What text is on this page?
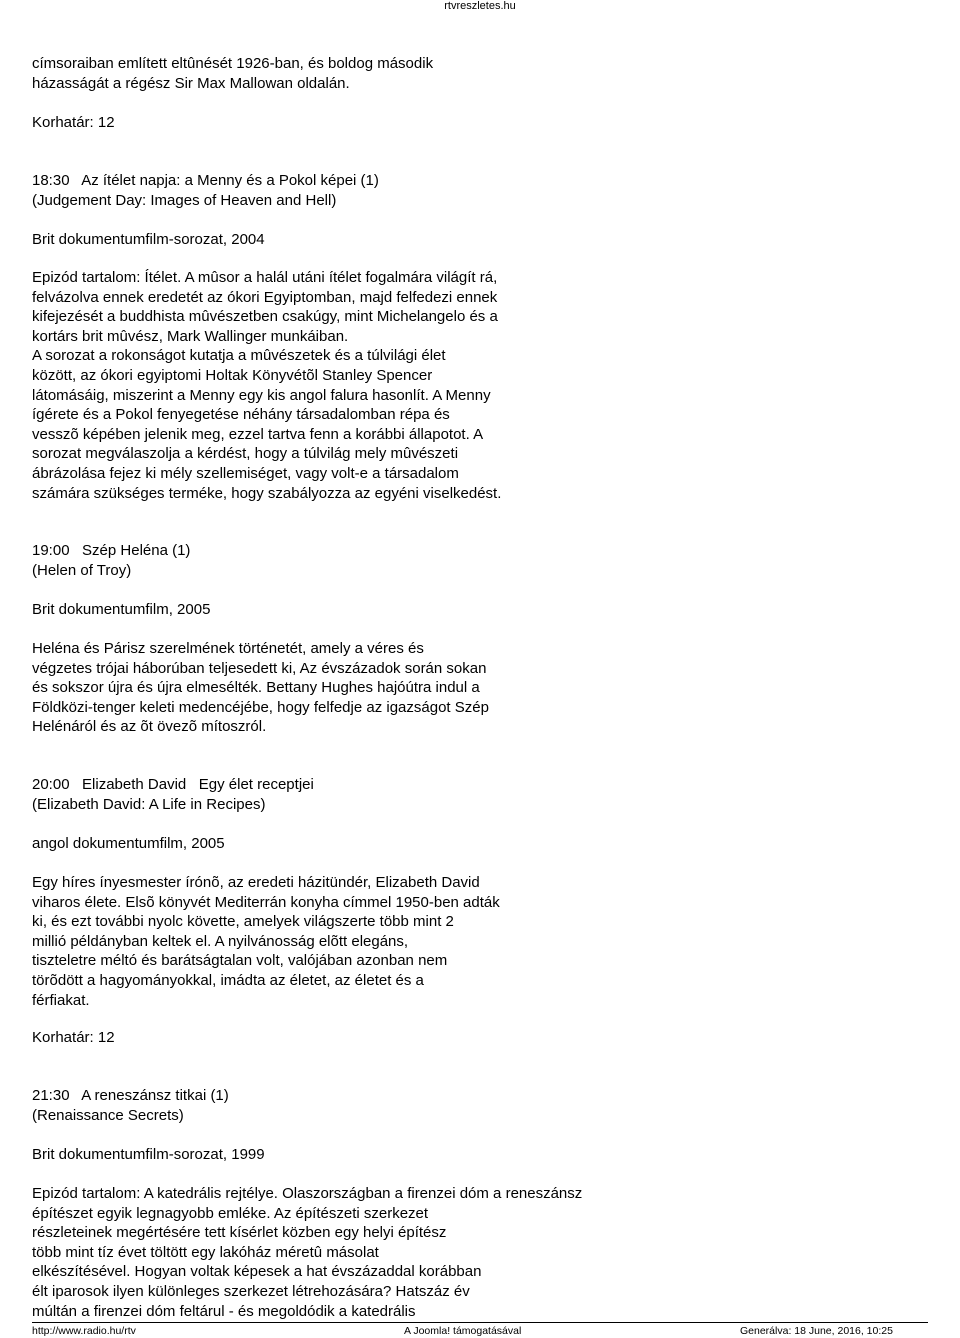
rtvreszletes.hu
címsoraiban említett eltûnését 1926-ban, és boldog második
házasságát a régész Sir Max Mallowan oldalán.
Korhatár: 12
18:30   Az ítélet napja: a Menny és a Pokol képei (1)
(Judgement Day: Images of Heaven and Hell)
Brit dokumentumfilm-sorozat, 2004
Epizód tartalom: Ítélet. A mûsor a halál utáni ítélet fogalmára világít rá,
felvázolva ennek eredetét az ókori Egyiptomban, majd felfedezi ennek
kifejezését a buddhista mûvészetben csakúgy, mint Michelangelo és a
kortárs brit mûvész, Mark Wallinger munkáiban.
A sorozat a rokonságot kutatja a mûvészetek és a túlvilági élet
között, az ókori egyiptomi Holtak Könyvétõl Stanley Spencer
látomásáig, miszerint a Menny egy kis angol falura hasonlít. A Menny
ígérete és a Pokol fenyegetése néhány társadalomban répa és
vesszõ képében jelenik meg, ezzel tartva fenn a korábbi állapotot. A
sorozat megválaszolja a kérdést, hogy a túlvilág mely mûvészeti
ábrázolása fejez ki mély szellemiséget, vagy volt-e a társadalom
számára szükséges terméke, hogy szabályozza az egyéni viselkedést.
19:00   Szép Heléna (1)
(Helen of Troy)
Brit dokumentumfilm, 2005
Heléna és Párisz szerelmének történetét, amely a véres és
végzetes trójai háborúban teljesedett ki, Az évszázadok során sokan
és sokszor újra és újra elmesélték. Bettany Hughes hajóútra indul a
Földközi-tenger keleti medencéjébe, hogy felfedje az igazságot Szép
Helénáról és az õt övezõ mítoszról.
20:00   Elizabeth David   Egy élet receptjei
(Elizabeth David: A Life in Recipes)
angol dokumentumfilm, 2005
Egy híres ínyesmester írónõ, az eredeti házitündér, Elizabeth David
viharos élete. Elsõ könyvét Mediterrán konyha címmel 1950-ben adták
ki, és ezt további nyolc követte, amelyek világszerte több mint 2
millió példányban keltek el. A nyilvánosság elõtt elegáns,
tiszteletre méltó és barátságtalan volt, valójában azonban nem
törõdött a hagyományokkal, imádta az életet, az életet és a
férfiakat.
Korhatár: 12
21:30   A reneszánsz titkai (1)
(Renaissance Secrets)
Brit dokumentumfilm-sorozat, 1999
Epizód tartalom: A katedrális rejtélye. Olaszországban a firenzei dóm a reneszánsz
építészet egyik legnagyobb emléke. Az építészeti szerkezet
részleteinek megértésére tett kísérlet közben egy helyi építész
több mint tíz évet töltött egy lakóház méretû másolat
elkészítésével. Hogyan voltak képesek a hat évszázaddal korábban
élt iparosok ilyen különleges szerkezet létrehozására? Hatszáz év
múltán a firenzei dóm feltárul - és megoldódik a katedrális
http://www.radio.hu/rtv	A Joomla! támogatásával	Generálva: 18 June, 2016, 10:25
